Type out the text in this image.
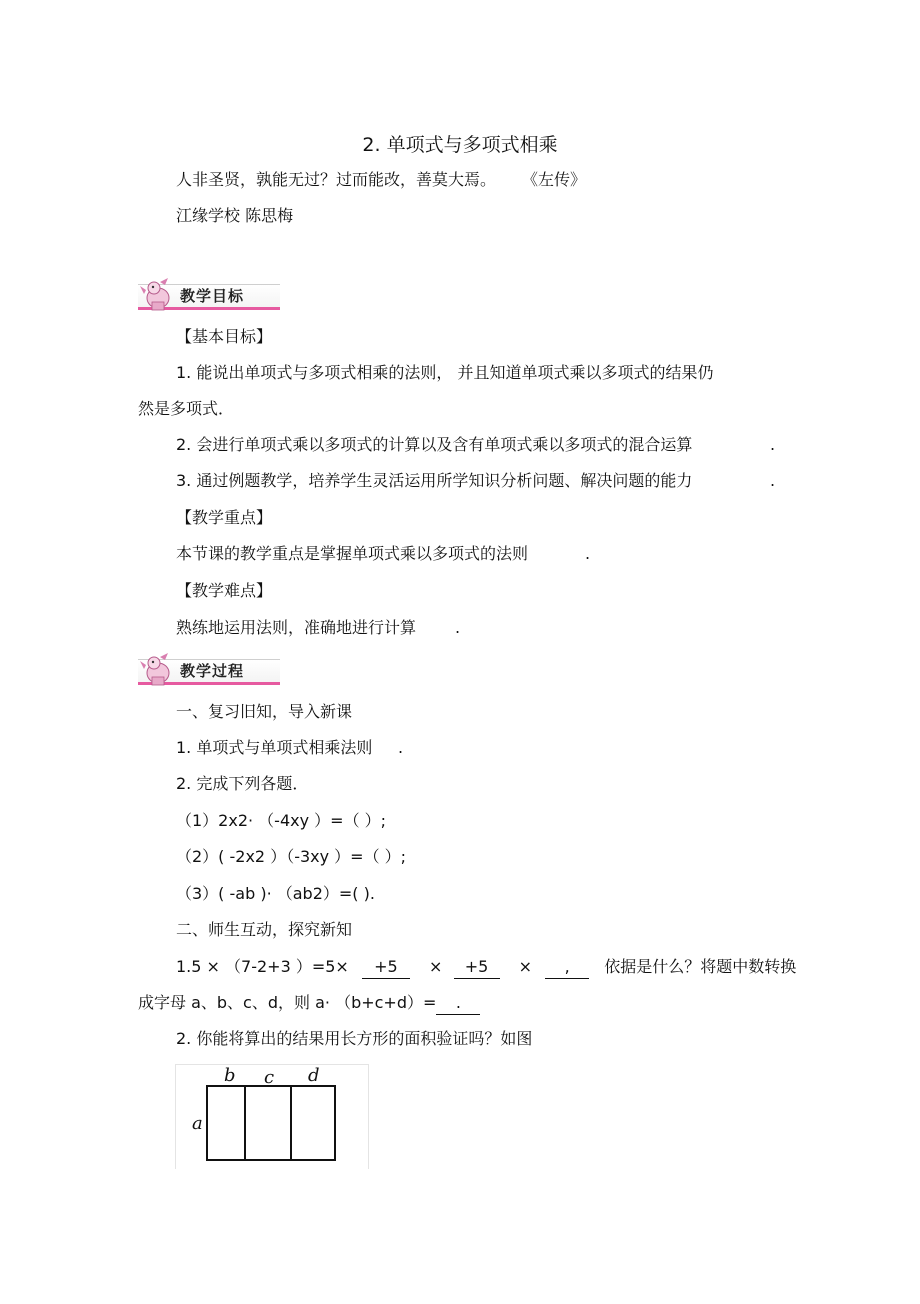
2. 单项式与多项式相乘
人非圣贤，孰能无过？过而能改，善莫大焉。 《左传》
江缘学校 陈思梅
教学目标
【基本目标】
1. 能说出单项式与多项式相乘的法则， 并且知道单项式乘以多项式的结果仍
然是多项式．
2. 会进行单项式乘以多项式的计算以及含有单项式乘以多项式的混合运算	.
3. 通过例题教学，培养学生灵活运用所学知识分析问题、解决问题的能力	.
【教学重点】
本节课的教学重点是掌握单项式乘以多项式的法则	.
【教学难点】
熟练地运用法则，准确地进行计算 .
教学过程
一、复习旧知，导入新课
1. 单项式与单项式相乘法则 .
2. 完成下列各题．
（1）2x2· （-4xy ）=（ ）;
（2）( -2x2 ）（-3xy ）=（ ）;
（3）( -ab )· （ab2）=( ).
二、师生互动，探究新知
1.5 × （7-2+3 ）=5× +5 × +5 × , 依据是什么？将题中数转换
成字母 a、b、c、d，则 a· （b+c+d）= .
2. 你能将算出的结果用长方形的面积验证吗？如图
b c d
a
